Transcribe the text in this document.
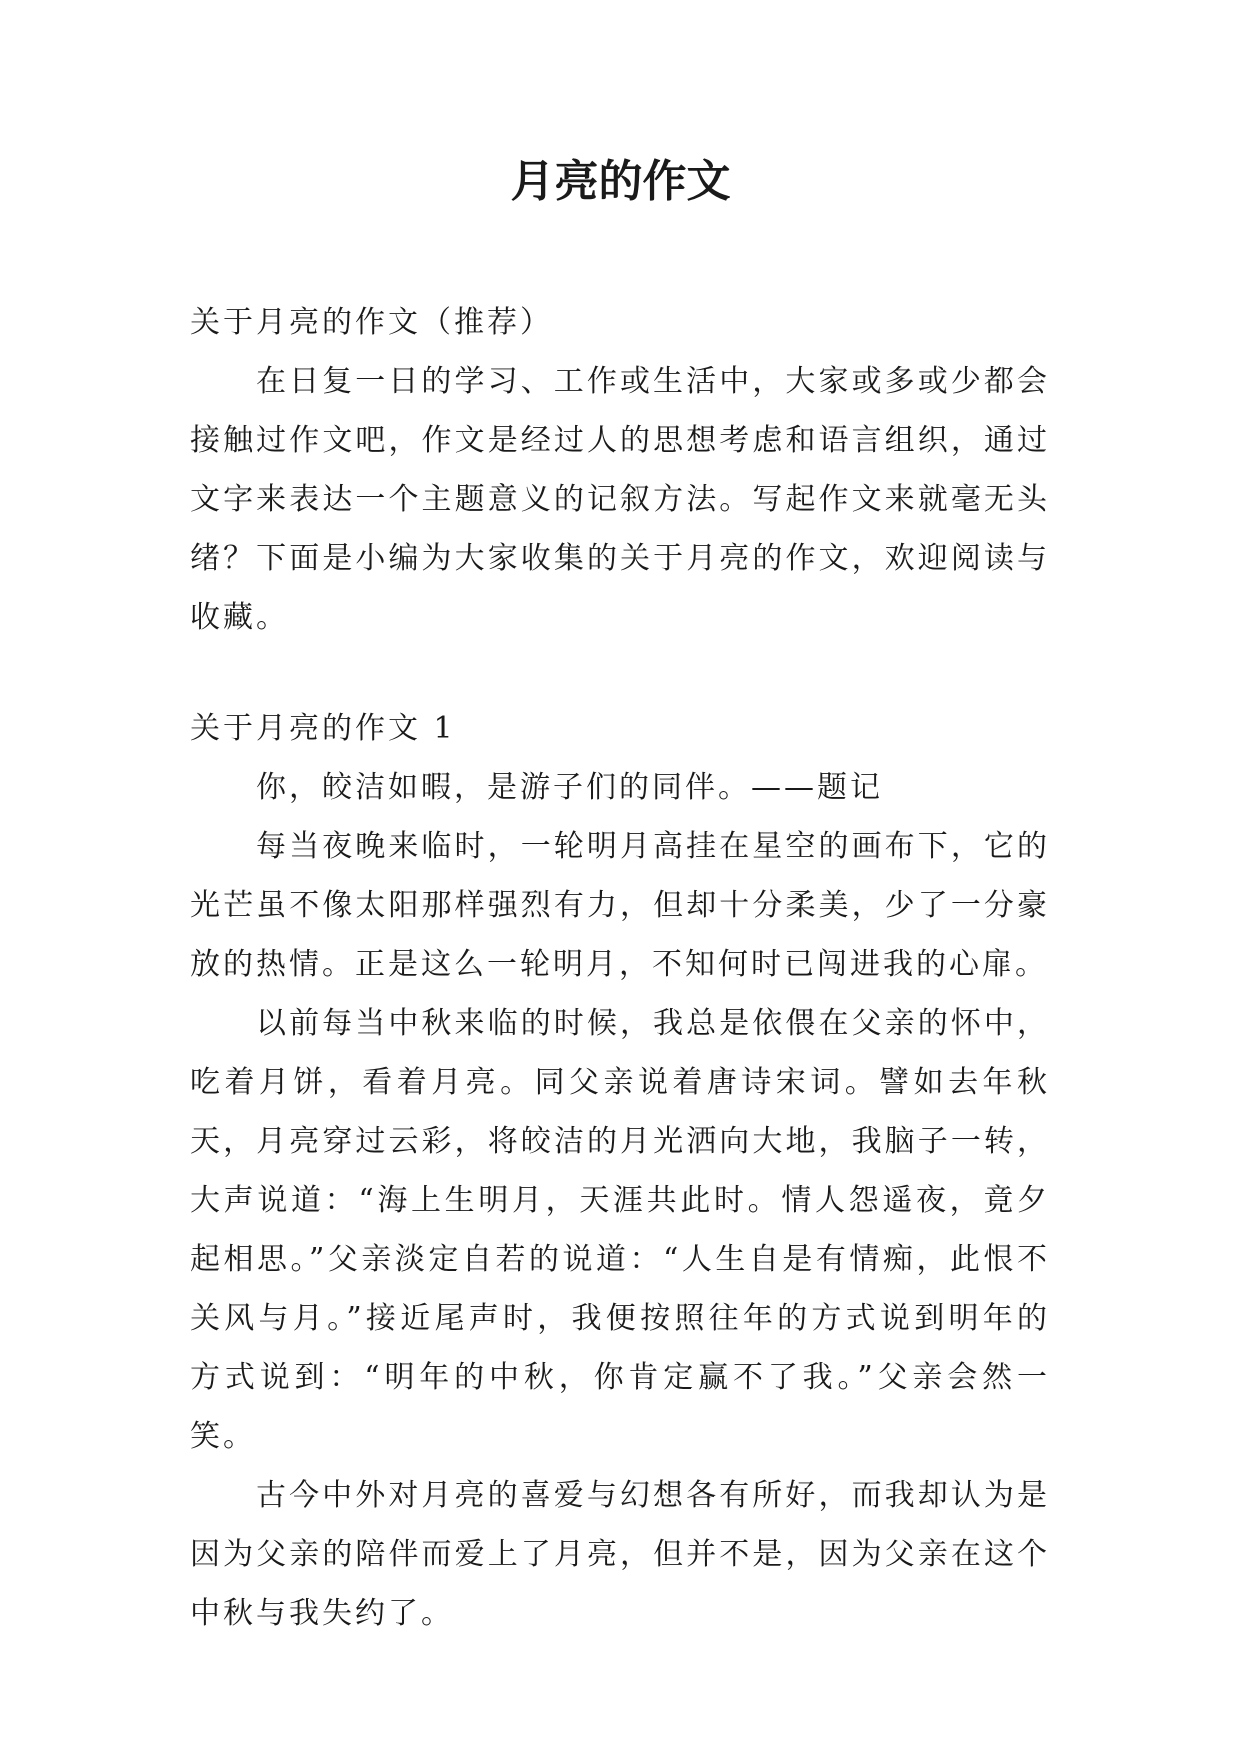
月亮的作文

关于月亮的作文（推荐）

在日复一日的学习、工作或生活中，大家或多或少都会接触过作文吧，作文是经过人的思想考虑和语言组织，通过文字来表达一个主题意义的记叙方法。写起作文来就毫无头绪？下面是小编为大家收集的关于月亮的作文，欢迎阅读与收藏。

关于月亮的作文 1

你，皎洁如暇，是游子们的同伴。——题记

每当夜晚来临时，一轮明月高挂在星空的画布下，它的光芒虽不像太阳那样强烈有力，但却十分柔美，少了一分豪放的热情。正是这么一轮明月，不知何时已闯进我的心扉。

以前每当中秋来临的时候，我总是依偎在父亲的怀中，吃着月饼，看着月亮。同父亲说着唐诗宋词。譬如去年秋天，月亮穿过云彩，将皎洁的月光洒向大地，我脑子一转，大声说道：“海上生明月，天涯共此时。情人怨遥夜，竟夕起相思。”父亲淡定自若的说道：“人生自是有情痴，此恨不关风与月。”接近尾声时，我便按照往年的方式说到明年的方式说到：“明年的中秋，你肯定赢不了我。”父亲会然一笑。

古今中外对月亮的喜爱与幻想各有所好，而我却认为是因为父亲的陪伴而爱上了月亮，但并不是，因为父亲在这个中秋与我失约了。
